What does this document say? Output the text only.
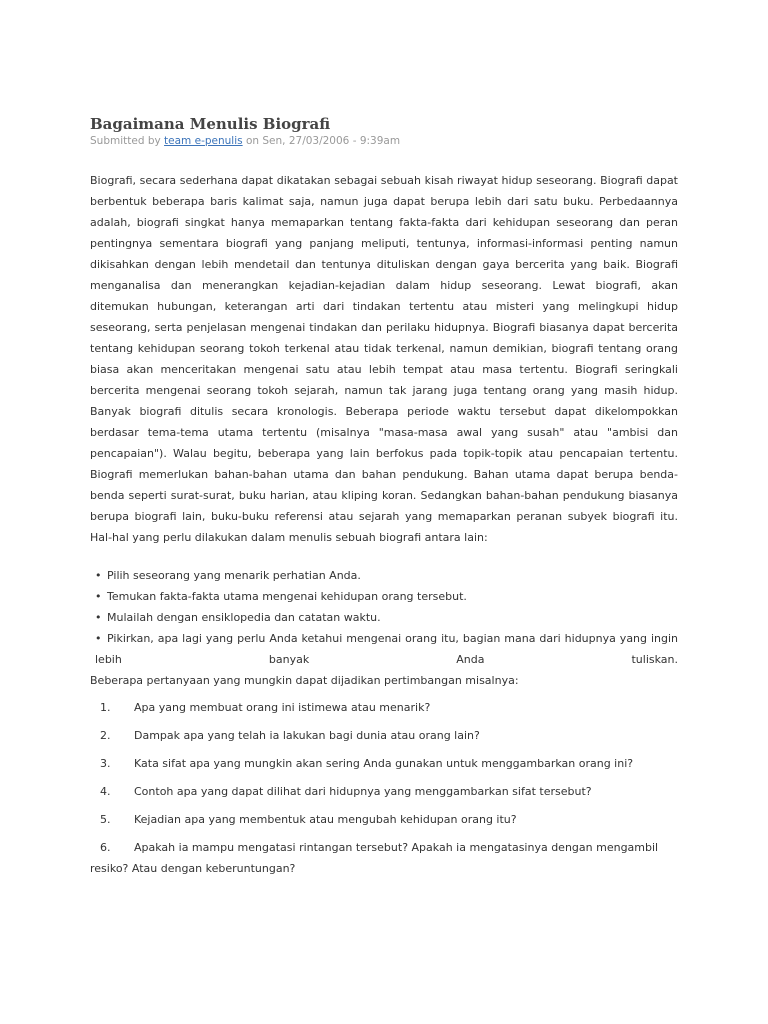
Bagaimana Menulis Biografi

Submitted by team e-penulis on Sen, 27/03/2006 - 9:39am

Biografi, secara sederhana dapat dikatakan sebagai sebuah kisah riwayat hidup seseorang. Biografi dapat berbentuk beberapa baris kalimat saja, namun juga dapat berupa lebih dari satu buku. Perbedaannya adalah, biografi singkat hanya memaparkan tentang fakta-fakta dari kehidupan seseorang dan peran pentingnya sementara biografi yang panjang meliputi, tentunya, informasi-informasi penting namun dikisahkan dengan lebih mendetail dan tentunya dituliskan dengan gaya bercerita yang baik. Biografi menganalisa dan menerangkan kejadian-kejadian dalam hidup seseorang. Lewat biografi, akan ditemukan hubungan, keterangan arti dari tindakan tertentu atau misteri yang melingkupi hidup seseorang, serta penjelasan mengenai tindakan dan perilaku hidupnya. Biografi biasanya dapat bercerita tentang kehidupan seorang tokoh terkenal atau tidak terkenal, namun demikian, biografi tentang orang biasa akan menceritakan mengenai satu atau lebih tempat atau masa tertentu. Biografi seringkali bercerita mengenai seorang tokoh sejarah, namun tak jarang juga tentang orang yang masih hidup. Banyak biografi ditulis secara kronologis. Beberapa periode waktu tersebut dapat dikelompokkan berdasar tema-tema utama tertentu (misalnya "masa-masa awal yang susah" atau "ambisi dan pencapaian"). Walau begitu, beberapa yang lain berfokus pada topik-topik atau pencapaian tertentu. Biografi memerlukan bahan-bahan utama dan bahan pendukung. Bahan utama dapat berupa benda-benda seperti surat-surat, buku harian, atau kliping koran. Sedangkan bahan-bahan pendukung biasanya berupa biografi lain, buku-buku referensi atau sejarah yang memaparkan peranan subyek biografi itu.

Hal-hal yang perlu dilakukan dalam menulis sebuah biografi antara lain:

• Pilih seseorang yang menarik perhatian Anda.
• Temukan fakta-fakta utama mengenai kehidupan orang tersebut.
• Mulailah dengan ensiklopedia dan catatan waktu.
• Pikirkan, apa lagi yang perlu Anda ketahui mengenai orang itu, bagian mana dari hidupnya yang ingin lebih banyak Anda tuliskan.

Beberapa pertanyaan yang mungkin dapat dijadikan pertimbangan misalnya:

1. Apa yang membuat orang ini istimewa atau menarik?
2. Dampak apa yang telah ia lakukan bagi dunia atau orang lain?
3. Kata sifat apa yang mungkin akan sering Anda gunakan untuk menggambarkan orang ini?
4. Contoh apa yang dapat dilihat dari hidupnya yang menggambarkan sifat tersebut?
5. Kejadian apa yang membentuk atau mengubah kehidupan orang itu?
6. Apakah ia mampu mengatasi rintangan tersebut? Apakah ia mengatasinya dengan mengambil resiko? Atau dengan keberuntungan?
